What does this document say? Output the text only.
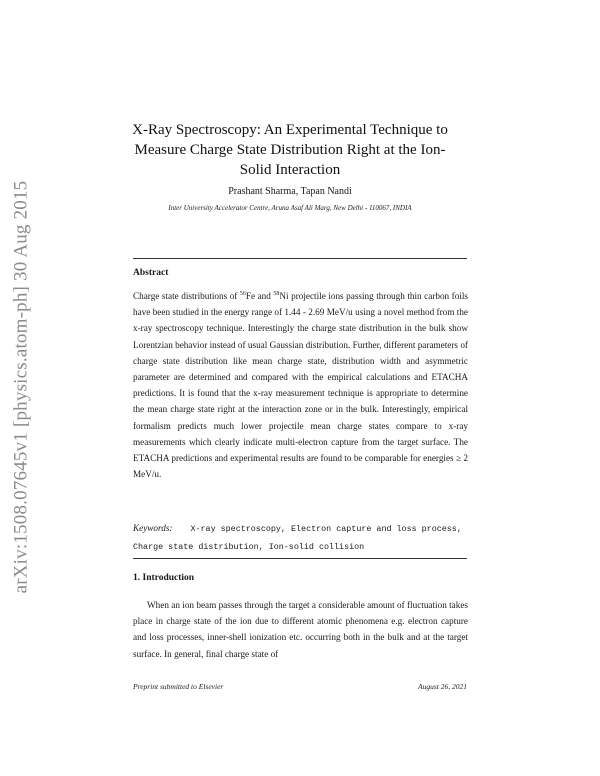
arXiv:1508.07645v1 [physics.atom-ph] 30 Aug 2015
X-Ray Spectroscopy: An Experimental Technique to Measure Charge State Distribution Right at the Ion-Solid Interaction
Prashant Sharma, Tapan Nandi
Inter University Accelerator Centre, Aruna Asaf Ali Marg, New Delhi - 110067, INDIA
Abstract
Charge state distributions of $^{56}$Fe and $^{58}$Ni projectile ions passing through thin carbon foils have been studied in the energy range of 1.44 - 2.69 MeV/u using a novel method from the x-ray spectroscopy technique. Interestingly the charge state distribution in the bulk show Lorentzian behavior instead of usual Gaussian distribution. Further, different parameters of charge state distribution like mean charge state, distribution width and asymmetric parameter are determined and compared with the empirical calculations and ETACHA predictions. It is found that the x-ray measurement technique is appropriate to determine the mean charge state right at the interaction zone or in the bulk. Interestingly, empirical formalism predicts much lower projectile mean charge states compare to x-ray measurements which clearly indicate multi-electron capture from the target surface. The ETACHA predictions and experimental results are found to be comparable for energies ≥ 2 MeV/u.
Keywords: X-ray spectroscopy, Electron capture and loss process, Charge state distribution, Ion-solid collision
1. Introduction
When an ion beam passes through the target a considerable amount of fluctuation takes place in charge state of the ion due to different atomic phenomena e.g. electron capture and loss processes, inner-shell ionization etc. occurring both in the bulk and at the target surface. In general, final charge state of
Preprint submitted to Elsevier	August 26, 2021
